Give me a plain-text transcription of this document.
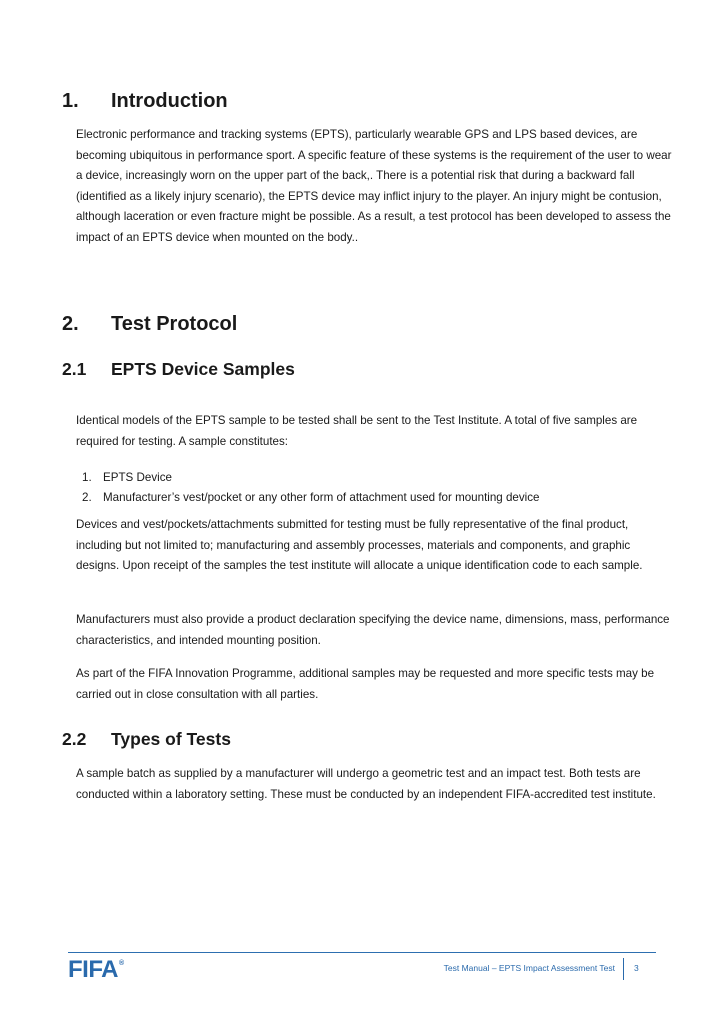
1. Introduction

Electronic performance and tracking systems (EPTS), particularly wearable GPS and LPS based devices, are becoming ubiquitous in performance sport. A specific feature of these systems is the requirement of the user to wear a device, increasingly worn on the upper part of the back,. There is a potential risk that during a backward fall (identified as a likely injury scenario), the EPTS device may inflict injury to the player. An injury might be contusion, although laceration or even fracture might be possible. As a result, a test protocol has been developed to assess the impact of an EPTS device when mounted on the body..

2. Test Protocol
2.1 EPTS Device Samples

Identical models of the EPTS sample to be tested shall be sent to the Test Institute. A total of five samples are required for testing. A sample constitutes:

1. EPTS Device
2. Manufacturer’s vest/pocket or any other form of attachment used for mounting device

Devices and vest/pockets/attachments submitted for testing must be fully representative of the final product, including but not limited to; manufacturing and assembly processes, materials and components, and graphic designs. Upon receipt of the samples the test institute will allocate a unique identification code to each sample.

Manufacturers must also provide a product declaration specifying the device name, dimensions, mass, performance characteristics, and intended mounting position.

As part of the FIFA Innovation Programme, additional samples may be requested and more specific tests may be carried out in close consultation with all parties.

2.2 Types of Tests

A sample batch as supplied by a manufacturer will undergo a geometric test and an impact test. Both tests are conducted within a laboratory setting. These must be conducted by an independent FIFA-accredited test institute.

FIFA®	Test Manual – EPTS Impact Assessment Test 3
